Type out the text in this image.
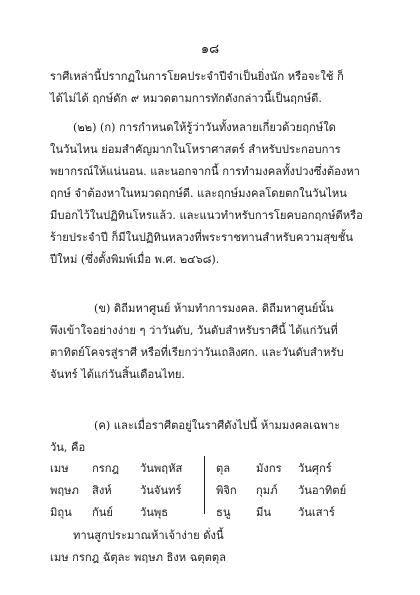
๑๘
ราศีเหล่านี้ปรากฏในการโยคประจำปีจำเป็นยิ่งนัก หรือจะใช้ ก็
ได้ไม่ได้ ฤกษ์ดัก ๙ หมวดตามการทักดังกล่าวนี้เป็นฤกษ์ดี.
(๒๒) (ก) การกำหนดให้รู้ว่าวันทั้งหลายเกี่ยวด้วยฤกษ์ใด
ในวันไหน ย่อมสำคัญมากในโหราศาสตร์ สำหรับประกอบการ
พยากรณ์ให้แน่นอน. และนอกจากนี้ การทำมงคลทั้งปวงซึ่งต้องหา
ฤกษ์ จำต้องหาในหมวดฤกษ์ดี. และฤกษ์มงคลโดยตกในวันไหน
มีบอกไว้ในปฏิทินโหรแล้ว. และแนวทำหรับการโยคบอกฤกษ์ดีหรือ
ร้ายประจำปี ก็มีในปฏิทินหลวงที่พระราชทานสำหรับความสุขชั้น
ปีใหม่ (ซึ่งตั้งพิมพ์เมื่อ พ.ศ. ๒๔๖๘).
(ข) ดิถีมหาศูนย์ ห้ามทำการมงคล. ดิถีมหาศูนย์นั้น
พึงเข้าใจอย่างง่าย ๆ ว่าวันดับ, วันดับสำหรับราศีนี้ ได้แก่วันที่
ตาทิตย์โคจรสู่ราศี หรือที่เรียกว่าวันเถลิงศก. และวันดับสำหรับ
จันทร์ ได้แก่วันสิ้นเดือนไทย.
(ค) และเมื่อราศีตอยู่ในราศีดังไปนี้ ห้ามมงคลเฉพาะ
วัน, คือ
เมษ กรกฎ วันพฤหัส	ตุล มังกร วันศุกร์
พฤษภ สิงห์	วันจันทร์	พิจิก กุมภ์ วันอาทิตย์
มิถุน กันย์ วันพุธ	ธนู มีน วันเสาร์
ทานสูกประมาณห้าเจ้าง่าย ดั่งนี้
เมษ กรกฎ ฉัตุละ พฤษภ ธิงห ฉตุตตุล
